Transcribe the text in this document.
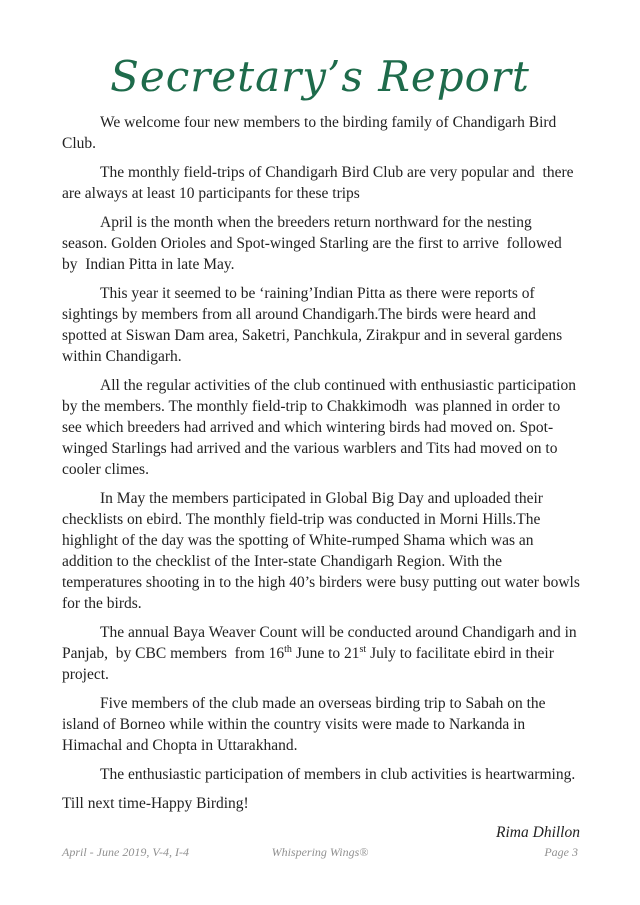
Secretary’s Report

We welcome four new members to the birding family of Chandigarh Bird Club.

The monthly field-trips of Chandigarh Bird Club are very popular and  there are always at least 10 participants for these trips

April is the month when the breeders return northward for the nesting season. Golden Orioles and Spot-winged Starling are the first to arrive  followed by  Indian Pitta in late May.

This year it seemed to be ‘raining’Indian Pitta as there were reports of sightings by members from all around Chandigarh.The birds were heard and spotted at Siswan Dam area, Saketri, Panchkula, Zirakpur and in several gardens within Chandigarh.

All the regular activities of the club continued with enthusiastic participation by the members. The monthly field-trip to Chakkimodh  was planned in order to see which breeders had arrived and which wintering birds had moved on. Spot-winged Starlings had arrived and the various warblers and Tits had moved on to cooler climes.

In May the members participated in Global Big Day and uploaded their checklists on ebird. The monthly field-trip was conducted in Morni Hills.The highlight of the day was the spotting of White-rumped Shama which was an addition to the checklist of the Inter-state Chandigarh Region. With the temperatures shooting in to the high 40’s birders were busy putting out water bowls for the birds.

The annual Baya Weaver Count will be conducted around Chandigarh and in Panjab,  by CBC members  from 16th June to 21st July to facilitate ebird in their project.

Five members of the club made an overseas birding trip to Sabah on the island of Borneo while within the country visits were made to Narkanda in Himachal and Chopta in Uttarakhand.

The enthusiastic participation of members in club activities is heartwarming.

Till next time-Happy Birding!

Rima Dhillon

April - June 2019, V-4, I-4	Whispering Wings®	Page 3
